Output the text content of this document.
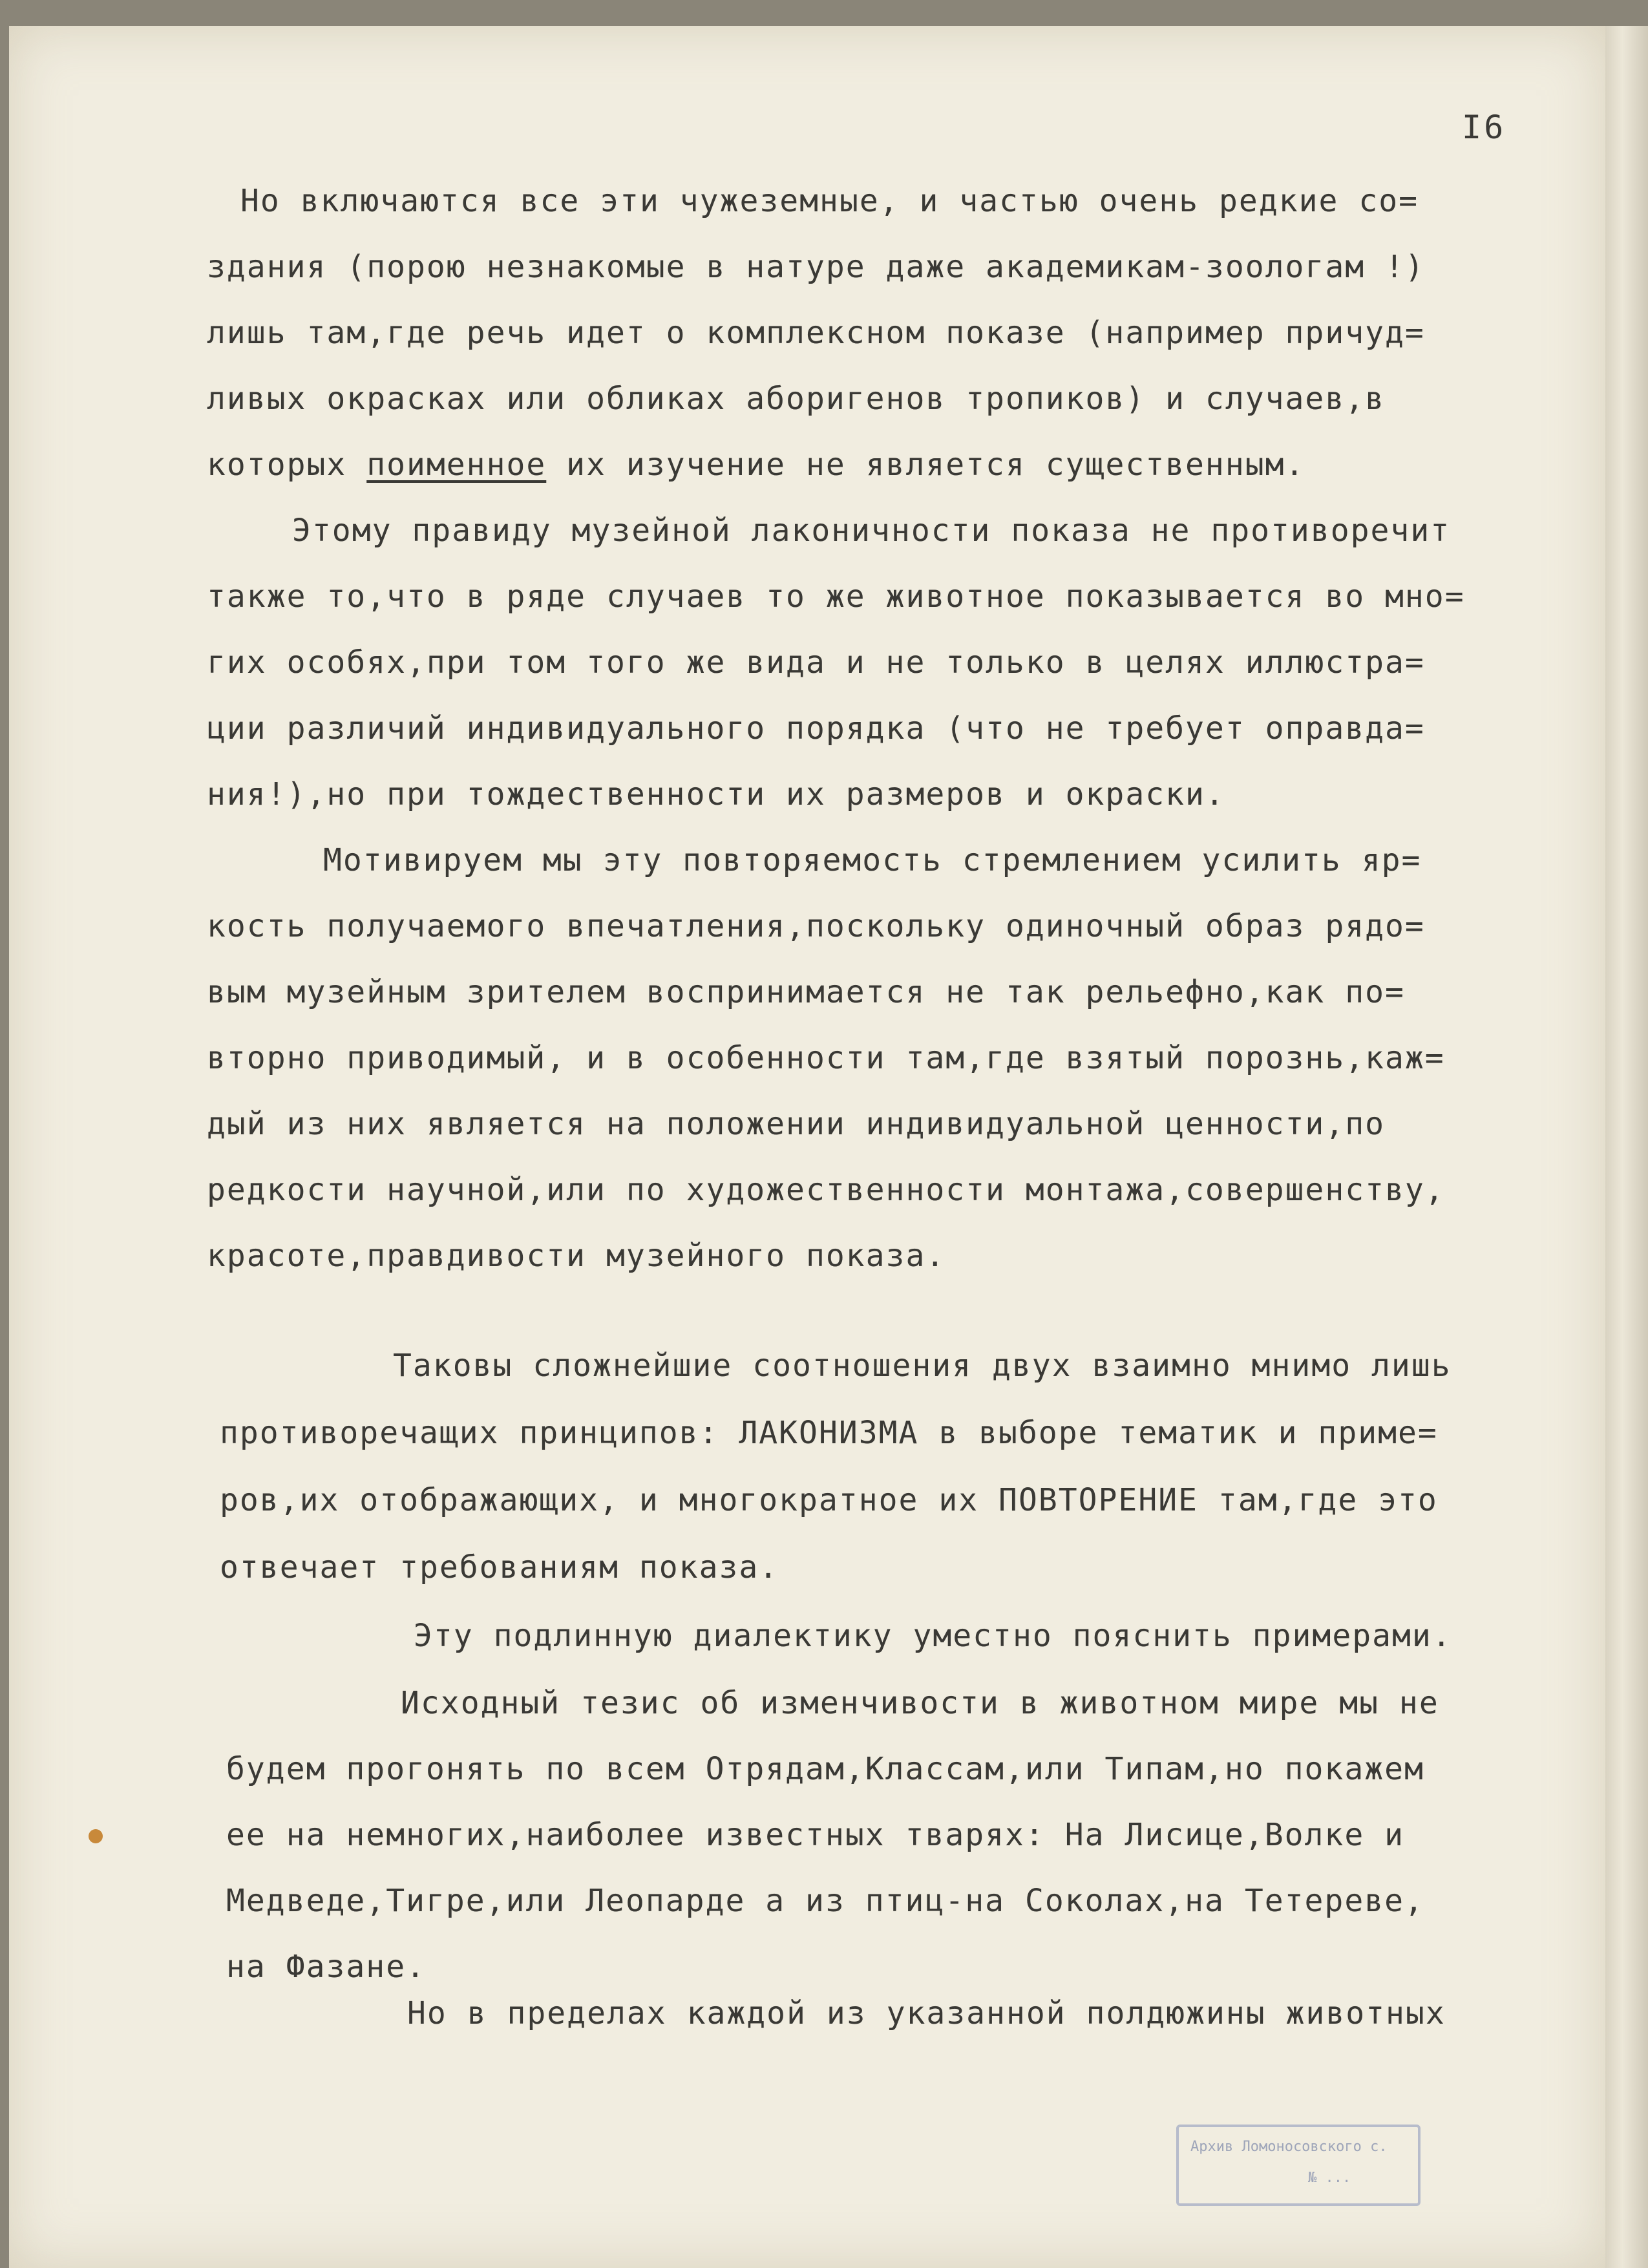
I6

Но включаются все эти чужеземные, и частью очень редкие со=

здания (порою незнакомые в натуре даже академикам-зоологам !)

лишь там,где речь идет о комплексном показе (например причуд=

ливых окрасках или обликах аборигенов тропиков) и случаев,в

которых поименное их изучение не является существенным.

Этому правиду музейной лаконичности показа не противоречит

также то,что в ряде случаев то же животное показывается во мно=

гих особях,при том того же вида и не только в целях иллюстра=

ции различий индивидуального порядка (что не требует оправда=

ния!),но при тождественности их размеров и окраски.

Мотивируем мы эту повторяемость стремлением усилить яр=

кость получаемого впечатления,поскольку одиночный образ рядо=

вым музейным зрителем воспринимается не так рельефно,как по=

вторно приводимый, и в особенности там,где взятый порознь,каж=

дый из них является на положении индивидуальной ценности,по

редкости научной,или по художественности монтажа,совершенству,

красоте,правдивости музейного показа.

Таковы сложнейшие соотношения двух взаимно мнимо лишь

противоречащих принципов: ЛАКОНИЗМА в выборе тематик и приме=

ров,их отображающих, и многократное их ПОВТОРЕНИЕ там,где это

отвечает требованиям показа.

Эту подлинную диалектику уместно пояснить примерами.

Исходный тезис об изменчивости в животном мире мы не

будем прогонять по всем Отрядам,Классам,или Типам,но покажем

ее на немногих,наиболее известных тварях: На Лисице,Волке и

Медведе,Тигре,или Леопарде а из птиц-на Соколах,на Тетереве,

на Фазане.

Но в пределах каждой из указанной полдюжины животных

Архив Ломоносовского с.
№ ...
